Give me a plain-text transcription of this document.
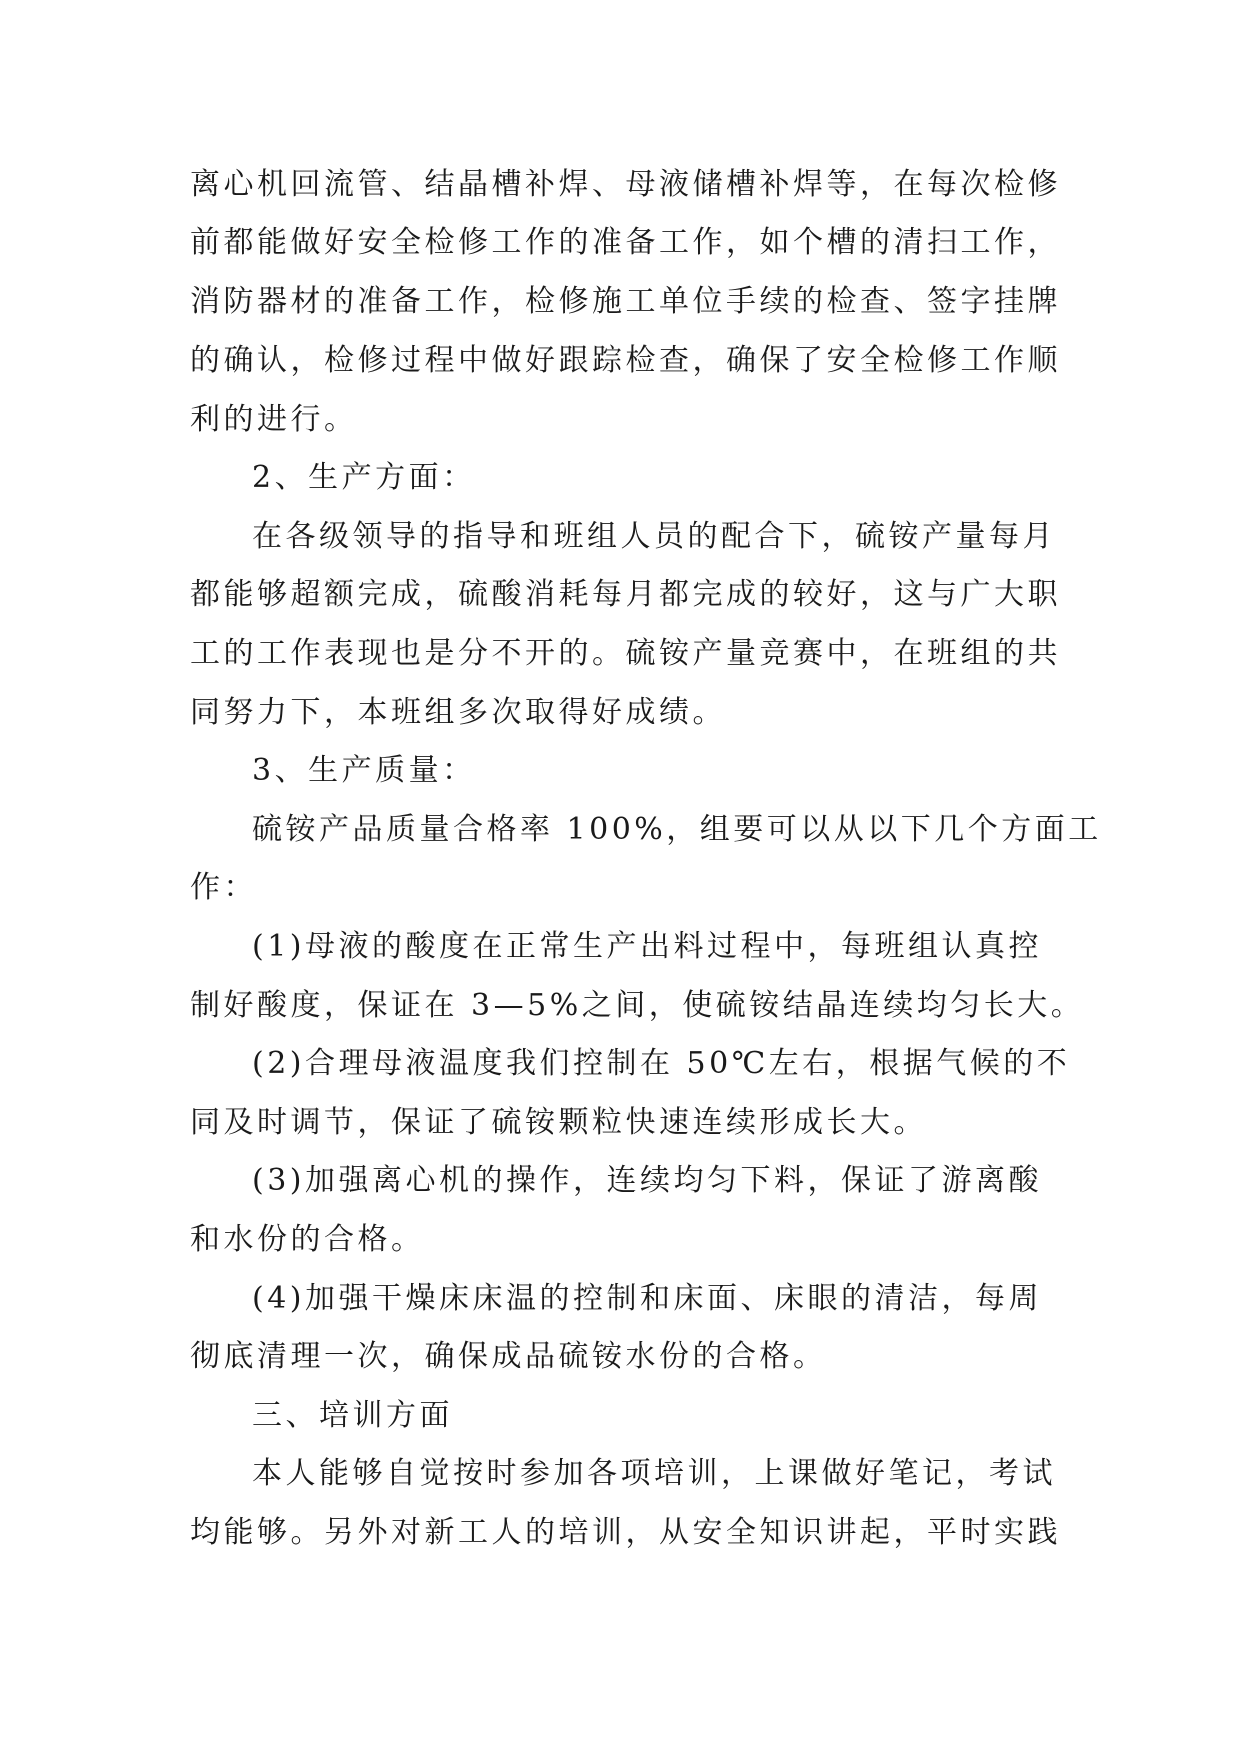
离心机回流管、结晶槽补焊、母液储槽补焊等，在每次检修
前都能做好安全检修工作的准备工作，如个槽的清扫工作，
消防器材的准备工作，检修施工单位手续的检查、签字挂牌
的确认，检修过程中做好跟踪检查，确保了安全检修工作顺
利的进行。
2、生产方面：
在各级领导的指导和班组人员的配合下，硫铵产量每月
都能够超额完成，硫酸消耗每月都完成的较好，这与广大职
工的工作表现也是分不开的。硫铵产量竞赛中，在班组的共
同努力下，本班组多次取得好成绩。
3、生产质量：
硫铵产品质量合格率 100%，组要可以从以下几个方面工
作：
(1)母液的酸度在正常生产出料过程中，每班组认真控
制好酸度，保证在 3—5%之间，使硫铵结晶连续均匀长大。
(2)合理母液温度我们控制在 50℃左右，根据气候的不
同及时调节，保证了硫铵颗粒快速连续形成长大。
(3)加强离心机的操作，连续均匀下料，保证了游离酸
和水份的合格。
(4)加强干燥床床温的控制和床面、床眼的清洁，每周
彻底清理一次，确保成品硫铵水份的合格。
三、培训方面
本人能够自觉按时参加各项培训，上课做好笔记，考试
均能够。另外对新工人的培训，从安全知识讲起，平时实践
